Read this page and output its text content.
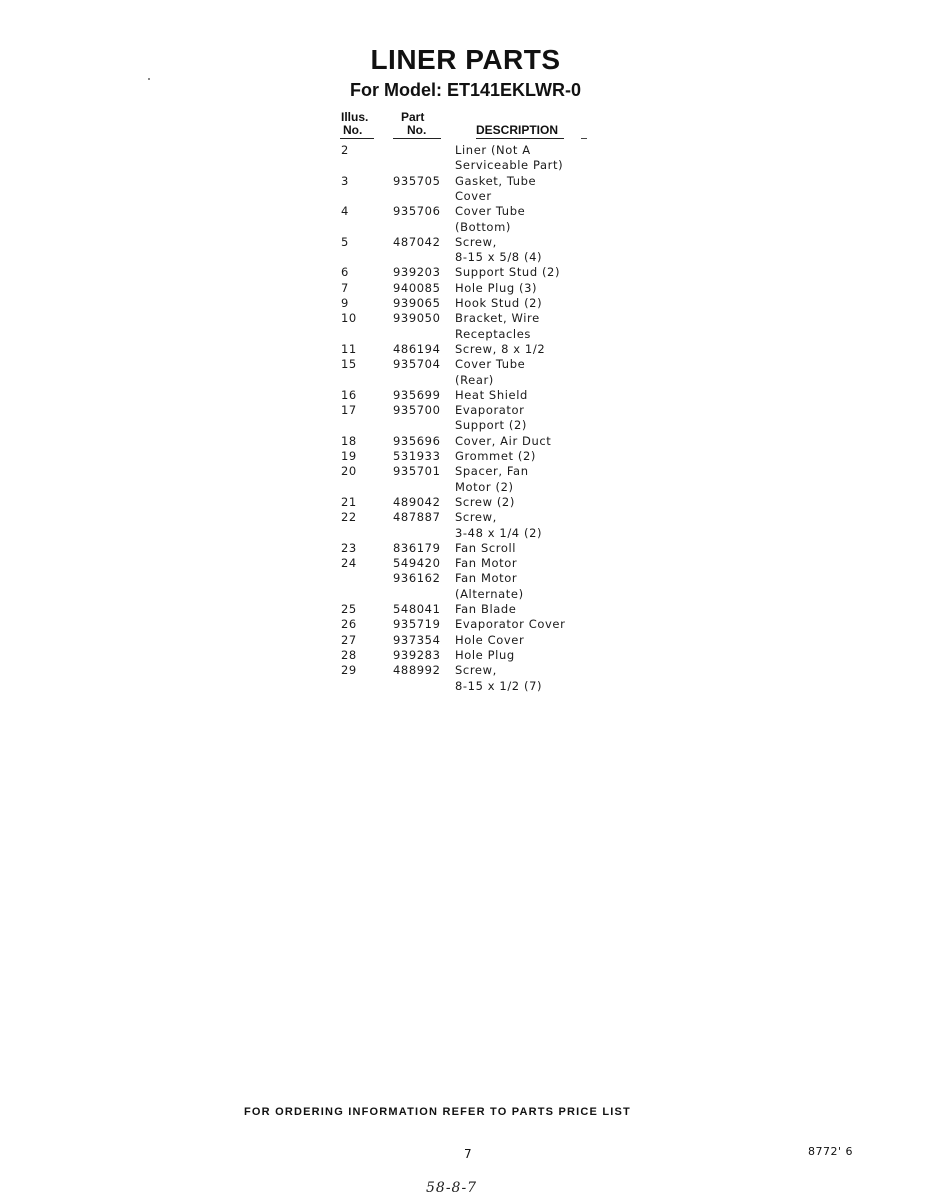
LINER PARTS
For Model: ET141EKLWR-0
Illus.
No.
Part
No.	DESCRIPTION
2	Liner (Not A
Serviceable Part)
3	935705 Gasket, Tube
Cover
4	935706 Cover Tube
(Bottom)
5	487042 Screw,
8-15 x 5/8 (4)
6	939203 Support Stud (2)
7	940085 Hole Plug (3)
9	939065 Hook Stud (2)
10	939050 Bracket, Wire
Receptacles
11	486194 Screw, 8 x 1/2
15	935704 Cover Tube
(Rear)
16	935699 Heat Shield
17	935700 Evaporator
Support (2)
18	935696 Cover, Air Duct
19	531933 Grommet (2)
20	935701 Spacer, Fan
Motor (2)
21	489042 Screw (2)
22	487887 Screw,
3-48 x 1/4 (2)
23	836179 Fan Scroll
24	549420 Fan Motor
936162 Fan Motor
(Alternate)
25	548041 Fan Blade
26	935719 Evaporator Cover
27	937354 Hole Cover
28	939283 Hole Plug
29	488992 Screw,
8-15 x 1/2 (7)
FOR ORDERING INFORMATION REFER TO PARTS PRICE LIST
7	8772' 6
58-8-7
